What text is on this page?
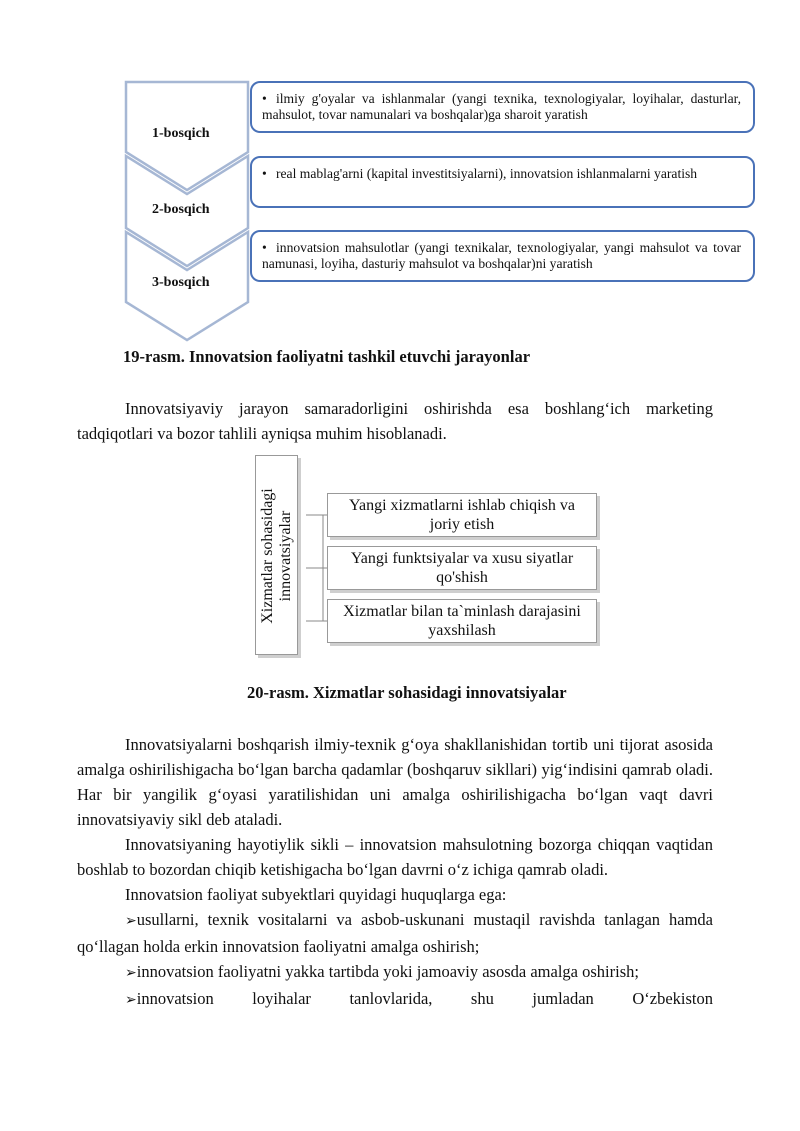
1-bosqich
2-bosqich
3-bosqich
• ilmiy g'oyalar va ishlanmalar (yangi texnika, texnologiyalar, loyihalar, dasturlar, mahsulot, tovar namunalari va boshqalar)ga sharoit yaratish
• real mablag'arni (kapital investitsiyalarni), innovatsion ishlanmalarni yaratish
• innovatsion mahsulotlar (yangi texnikalar, texnologiyalar, yangi mahsulot va tovar namunasi, loyiha, dasturiy mahsulot va boshqalar)ni yaratish
19-rasm. Innovatsion faoliyatni tashkil etuvchi jarayonlar

Innovatsiyaviy jarayon samaradorligini oshirishda esa boshlang‘ich marketing tadqiqotlari va bozor tahlili ayniqsa muhim hisoblanadi.

Xizmatlar sohasidagi innovatsiyalar
Yangi xizmatlarni ishlab chiqish va joriy etish
Yangi funktsiyalar va xusu siyatlar qo'shish
Xizmatlar bilan ta`minlash darajasini yaxshilash
20-rasm. Xizmatlar sohasidagi innovatsiyalar

Innovatsiyalarni boshqarish ilmiy-texnik g‘oya shakllanishidan tortib uni tijorat asosida amalga oshirilishigacha bo‘lgan barcha qadamlar (boshqaruv sikllari) yig‘indisini qamrab oladi. Har bir yangilik g‘oyasi yaratilishidan uni amalga oshirilishigacha bo‘lgan vaqt davri innovatsiyaviy sikl deb ataladi.

Innovatsiyaning hayotiylik sikli – innovatsion mahsulotning bozorga chiqqan vaqtidan boshlab to bozordan chiqib ketishigacha bo‘lgan davrni o‘z ichiga qamrab oladi.

Innovatsion faoliyat subyektlari quyidagi huquqlarga ega:

➢usullarni, texnik vositalarni va asbob-uskunani mustaqil ravishda tanlagan hamda qo‘llagan holda erkin innovatsion faoliyatni amalga oshirish;

➢innovatsion faoliyatni yakka tartibda yoki jamoaviy asosda amalga oshirish;

➢innovatsion loyihalar tanlovlarida, shu jumladan O‘zbekiston
